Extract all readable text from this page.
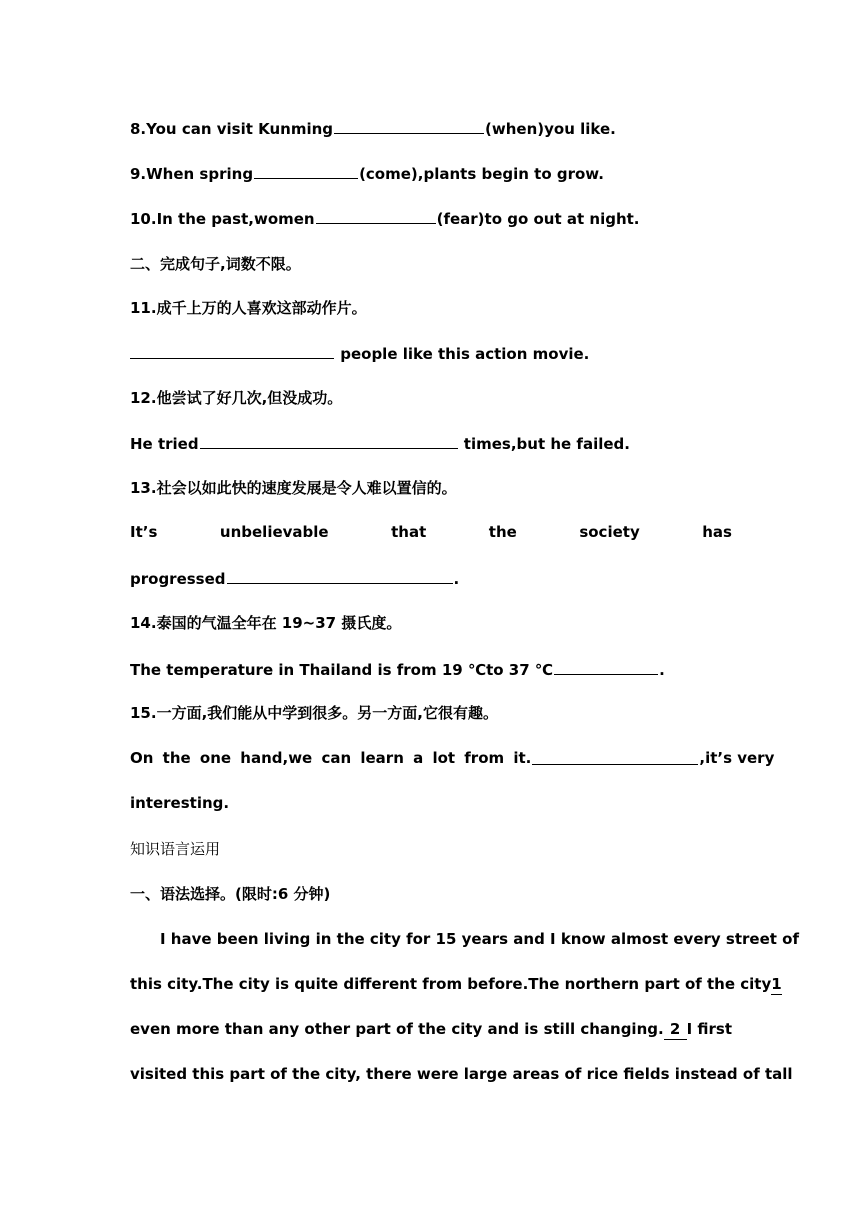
8.You can visit Kunming	(when)you like.
9.When spring	(come),plants begin to grow.
10.In the past,women	(fear)to go out at night.
二、完成句子,词数不限。
11.成千上万的人喜欢这部动作片。
people like this action movie.
12.他尝试了好几次,但没成功。
He tried	times,but he failed.
13.社会以如此快的速度发展是令人难以置信的。
It’s	unbelievable	that	the	society	has
progressed	.
14.泰国的气温全年在 19~37 摄氏度。
The temperature in Thailand is from 19 ℃to 37 ℃	.
15.一方面,我们能从中学到很多。另一方面,它很有趣。
On the one hand,we can learn a lot from it.	,it’s very
interesting.
知识语言运用
一、语法选择。(限时:6 分钟)
I have been living in the city for 15 years and I know almost every street of
this city.The city is quite different from before.The northern part of the city 1
even more than any other part of the city and is still changing. 2 I first
visited this part of the city, there were large areas of rice fields instead of tall
